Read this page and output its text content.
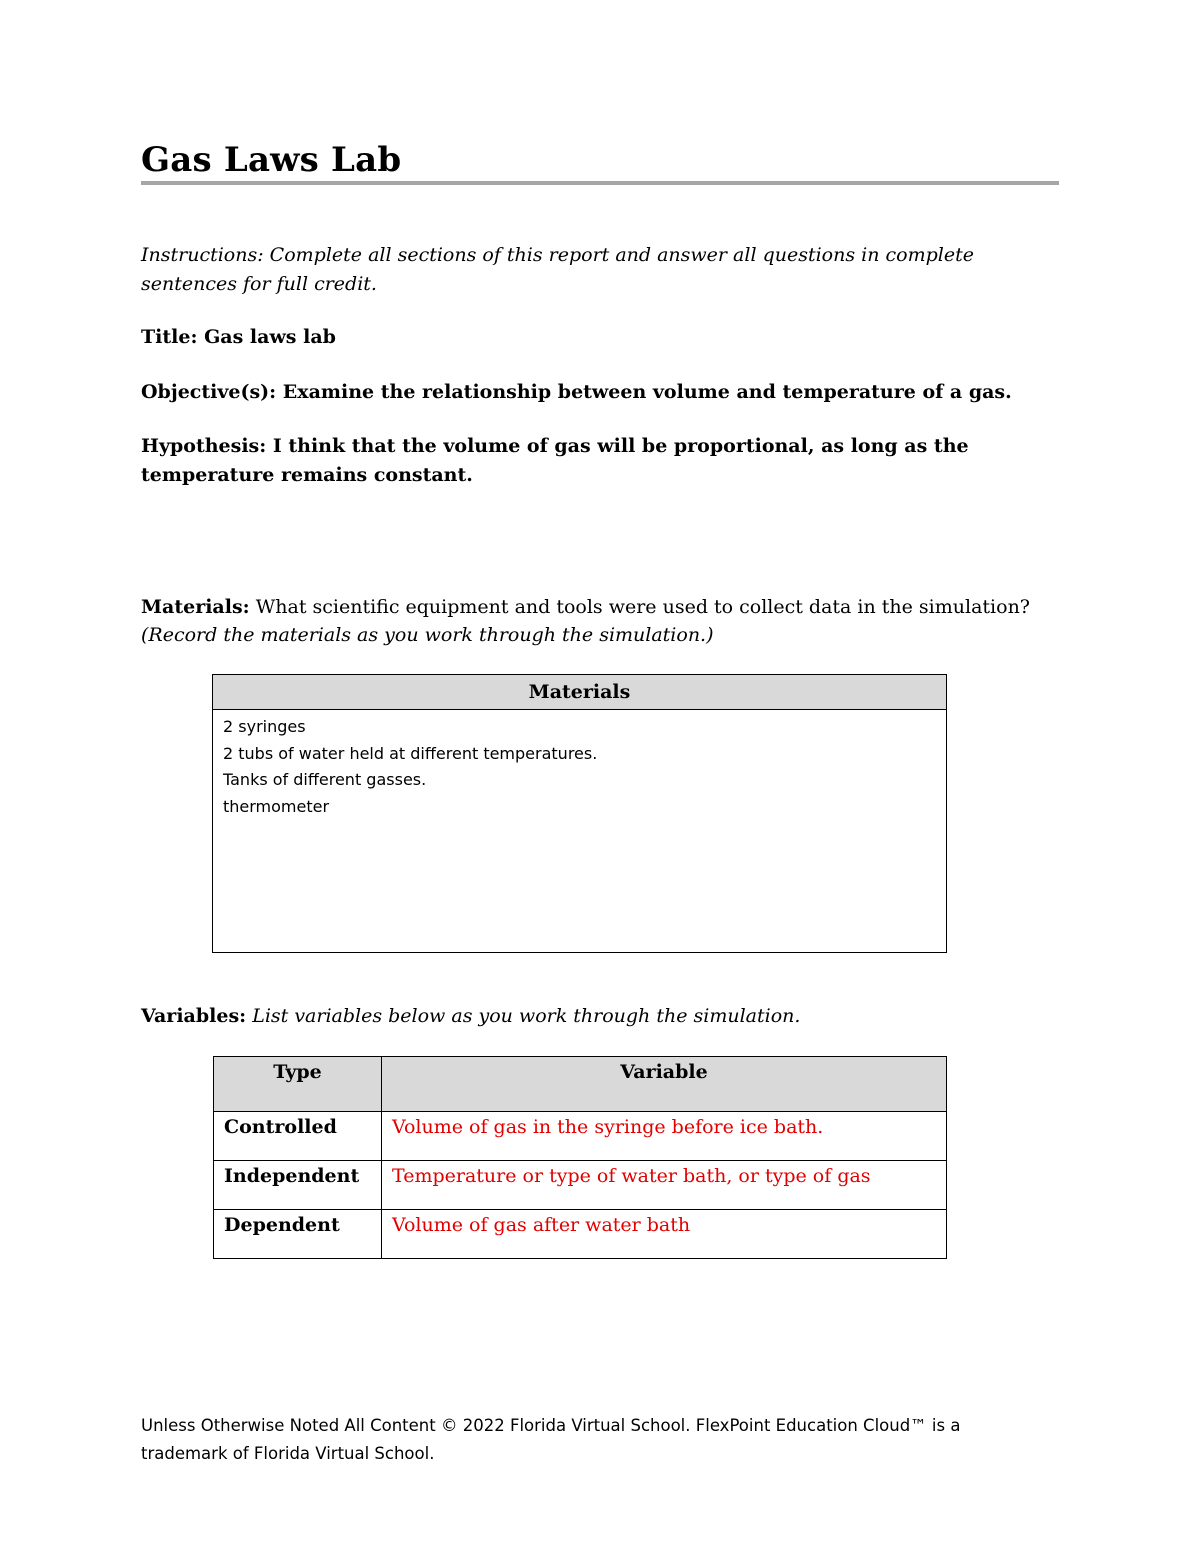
Gas Laws Lab
Instructions: Complete all sections of this report and answer all questions in complete sentences for full credit.
Title: Gas laws lab
Objective(s): Examine the relationship between volume and temperature of a gas.
Hypothesis: I think that the volume of gas will be proportional, as long as the temperature remains constant.
Materials: What scientific equipment and tools were used to collect data in the simulation? (Record the materials as you work through the simulation.)
Materials

2 syringes
2 tubs of water held at different temperatures.
Tanks of different gasses.
thermometer
Variables: List variables below as you work through the simulation.
Type	Variable
Controlled	Volume of gas in the syringe before ice bath.
Independent	Temperature or type of water bath, or type of gas
Dependent	Volume of gas after water bath
Unless Otherwise Noted All Content © 2022 Florida Virtual School. FlexPoint Education Cloud™ is a trademark of Florida Virtual School.
